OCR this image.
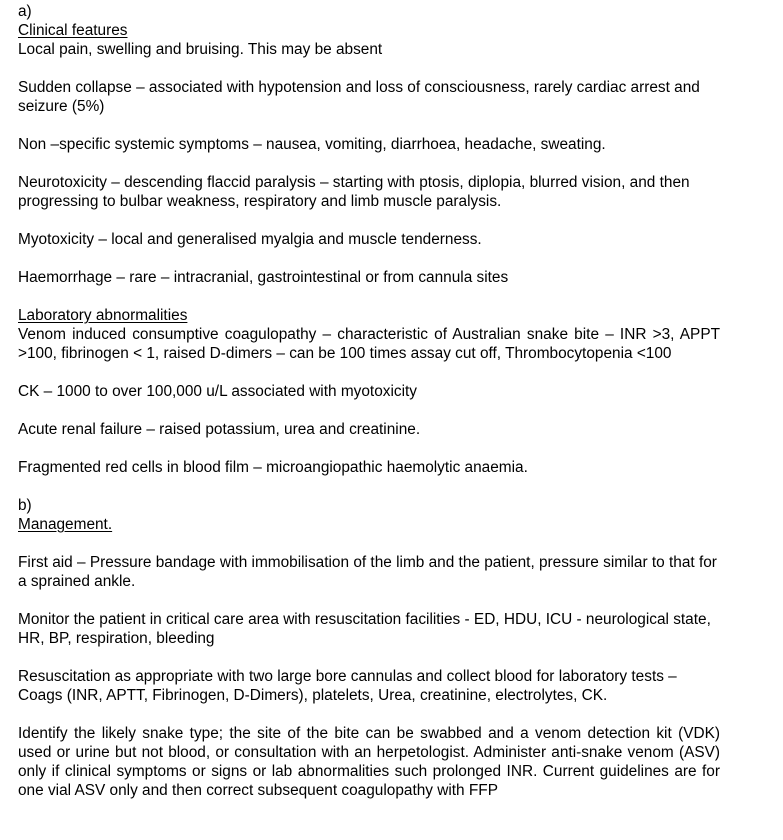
a)

Clinical features

Local pain, swelling and bruising. This may be absent

Sudden collapse – associated with hypotension and loss of consciousness, rarely cardiac arrest and seizure (5%)

Non –specific systemic symptoms – nausea, vomiting, diarrhoea, headache, sweating.

Neurotoxicity – descending flaccid paralysis – starting with ptosis, diplopia, blurred vision, and then progressing to bulbar weakness, respiratory and limb muscle paralysis.

Myotoxicity – local and generalised myalgia and muscle tenderness.

Haemorrhage – rare – intracranial, gastrointestinal or from cannula sites

Laboratory abnormalities

Venom induced consumptive coagulopathy – characteristic of Australian snake bite – INR >3, APPT >100, fibrinogen < 1, raised D-dimers – can be 100 times assay cut off, Thrombocytopenia <100

CK – 1000 to over 100,000 u/L associated with myotoxicity

Acute renal failure – raised potassium, urea and creatinine.

Fragmented red cells in blood film – microangiopathic haemolytic anaemia.

b)

Management.

First aid – Pressure bandage with immobilisation of the limb and the patient, pressure similar to that for a sprained ankle.

Monitor the patient in critical care area with resuscitation facilities - ED, HDU, ICU - neurological state, HR, BP, respiration, bleeding

Resuscitation as appropriate with two large bore cannulas and collect blood for laboratory tests – Coags (INR, APTT, Fibrinogen, D-Dimers), platelets, Urea, creatinine, electrolytes, CK.

Identify the likely snake type; the site of the bite can be swabbed and a venom detection kit (VDK) used or urine but not blood, or consultation with an herpetologist. Administer anti-snake venom (ASV) only if clinical symptoms or signs or lab abnormalities such prolonged INR. Current guidelines are for one vial ASV only and then correct subsequent coagulopathy with FFP
